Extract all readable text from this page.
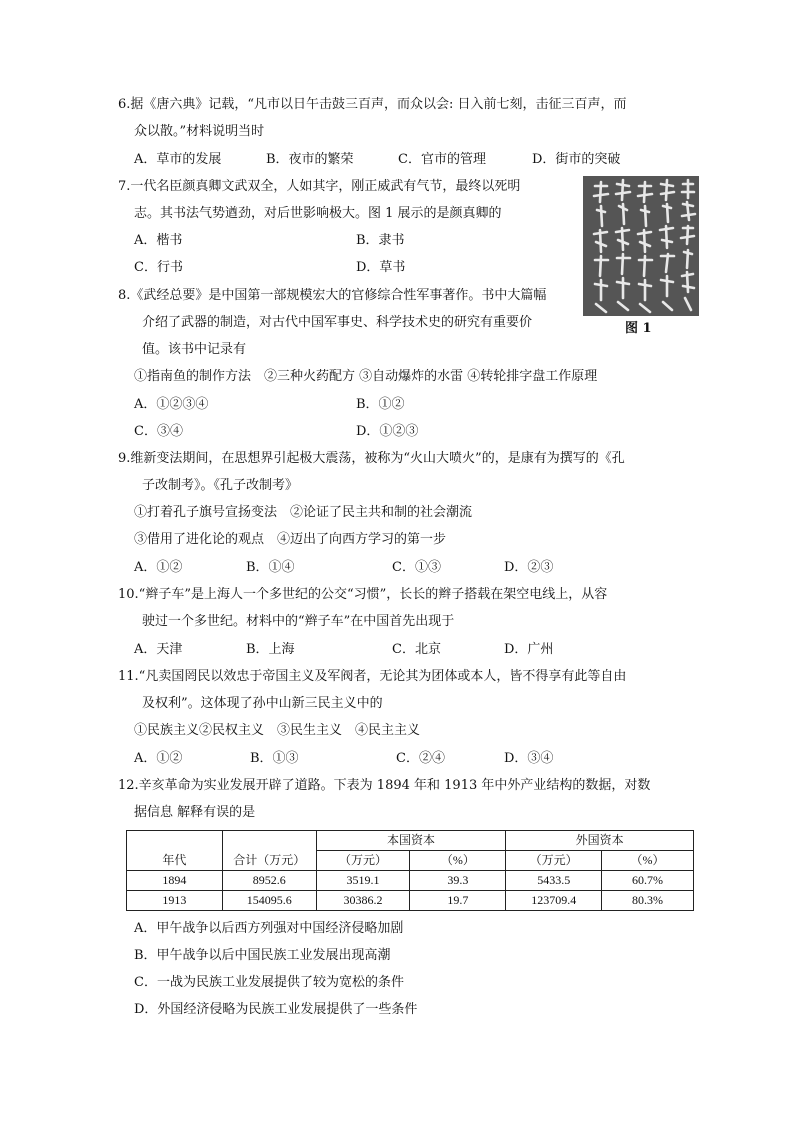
6.据《唐六典》记载，“凡市以日午击鼓三百声，而众以会: 日入前七刻，击征三百声，而
众以散。”材料说明当时
A．草市的发展	B．夜市的繁荣	C．官市的管理	D．街市的突破
7.一代名臣颜真卿文武双全，人如其字，刚正威武有气节，最终以死明
志。其书法气势遒劲，对后世影响极大。图 1 展示的是颜真卿的
A．楷书	B．隶书
C．行书	D．草书
图 1
8.《武经总要》是中国第一部规模宏大的官修综合性军事著作。书中大篇幅
介绍了武器的制造，对古代中国军事史、科学技术史的研究有重要价
值。该书中记录有
①指南鱼的制作方法　②三种火药配方 ③自动爆炸的水雷 ④转轮排字盘工作原理
A．①②③④	B．①②
C．③④	D．①②③
9.维新变法期间，在思想界引起极大震荡，被称为“火山大喷火”的，是康有为撰写的《孔
子改制考》。《孔子改制考》
①打着孔子旗号宣扬变法　②论证了民主共和制的社会潮流
③借用了进化论的观点　④迈出了向西方学习的第一步
A．①②	B．①④	C．①③	D．②③
10.“辫子车”是上海人一个多世纪的公交“习惯”，长长的辫子搭载在架空电线上，从容
驶过一个多世纪。材料中的“辫子车”在中国首先出现于
A．天津	B．上海	C．北京	D．广州
11.“凡卖国罔民以效忠于帝国主义及军阀者，无论其为团体或本人，皆不得享有此等自由
及权利”。这体现了孙中山新三民主义中的
①民族主义②民权主义　③民生主义　④民主主义
A．①②	B．①③	C．②④	D．③④
12.辛亥革命为实业发展开辟了道路。下表为 1894 年和 1913 年中外产业结构的数据，对数
据信息 解释有误的是
年代	合计（万元）	本国资本		外国资本	
		（万元）	（%）	（万元）	（%）
1894	8952.6	3519.1	39.3	5433.5	60.7%
1913	154095.6	30386.2	19.7	123709.4	80.3%
A．甲午战争以后西方列强对中国经济侵略加剧
B．甲午战争以后中国民族工业发展出现高潮
C．一战为民族工业发展提供了较为宽松的条件
D．外国经济侵略为民族工业发展提供了一些条件
